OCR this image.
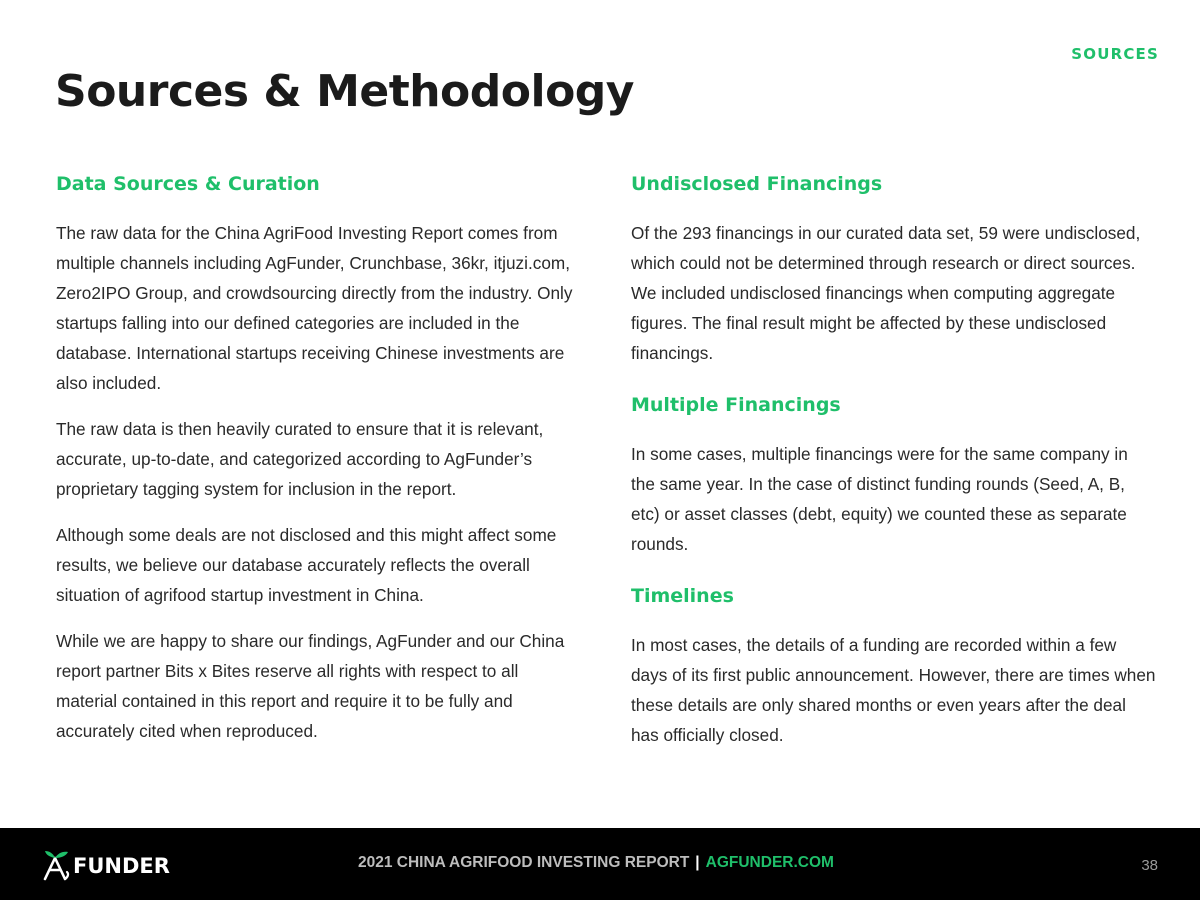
SOURCES
Sources & Methodology
Data Sources & Curation

The raw data for the China AgriFood Investing Report comes from multiple channels including AgFunder, Crunchbase, 36kr, itjuzi.com, Zero2IPO Group, and crowdsourcing directly from the industry. Only startups falling into our defined categories are included in the database. International startups receiving Chinese investments are also included.

The raw data is then heavily curated to ensure that it is relevant, accurate, up-to-date, and categorized according to AgFunder’s proprietary tagging system for inclusion in the report.

Although some deals are not disclosed and this might affect some results, we believe our database accurately reflects the overall situation of agrifood startup investment in China.

While we are happy to share our findings, AgFunder and our China report partner Bits x Bites reserve all rights with respect to all material contained in this report and require it to be fully and accurately cited when reproduced.

Undisclosed Financings

Of the 293 financings in our curated data set, 59 were undisclosed, which could not be determined through research or direct sources. We included undisclosed financings when computing aggregate figures. The final result might be affected by these undisclosed financings.

Multiple Financings

In some cases, multiple financings were for the same company in the same year. In the case of distinct funding rounds (Seed, A, B, etc) or asset classes (debt, equity) we counted these as separate rounds.

Timelines

In most cases, the details of a funding are recorded within a few days of its first public announcement. However, there are times when these details are only shared months or even years after the deal has officially closed.

FUNDER	2021 CHINA AGRIFOOD INVESTING REPORT | AGFUNDER.COM	38
